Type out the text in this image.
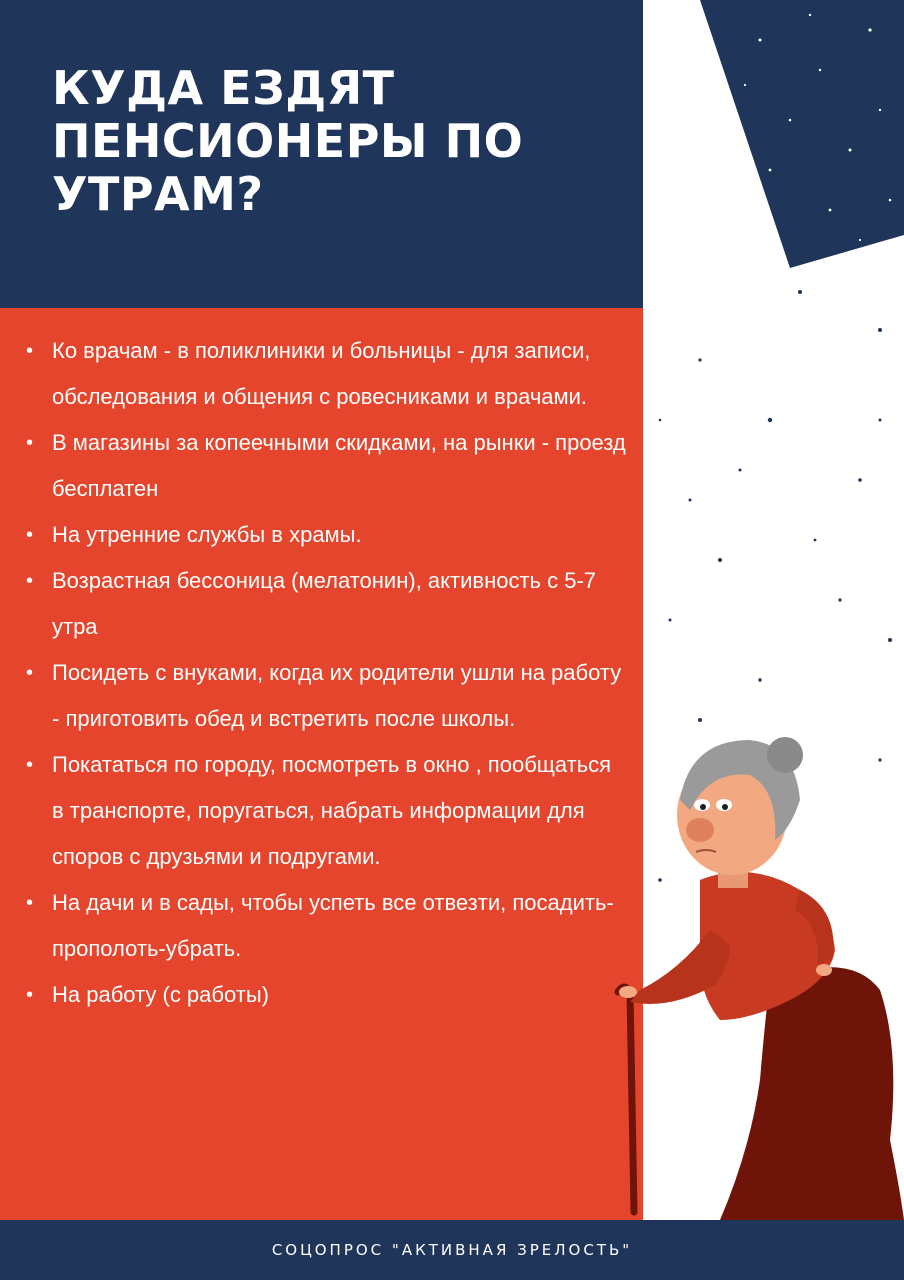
КУДА ЕЗДЯТ ПЕНСИОНЕРЫ ПО УТРАМ?
• Ко врачам - в поликлиники и больницы - для записи, обследования и общения с ровесниками и врачами.
• В магазины за копеечными скидками, на рынки - проезд бесплатен
• На утренние службы в храмы.
• Возрастная бессоница (мелатонин), активность с 5-7 утра
• Посидеть с внуками, когда их родители ушли на работу - приготовить обед и встретить после школы.
• Покататься по городу, посмотреть в окно , пообщаться в транспорте, поругаться, набрать информации для споров с друзьями и подругами.
• На дачи и в сады, чтобы успеть все отвезти, посадить-прополоть-убрать.
• На работу (с работы)
СОЦОПРОС "АКТИВНАЯ ЗРЕЛОСТЬ"
